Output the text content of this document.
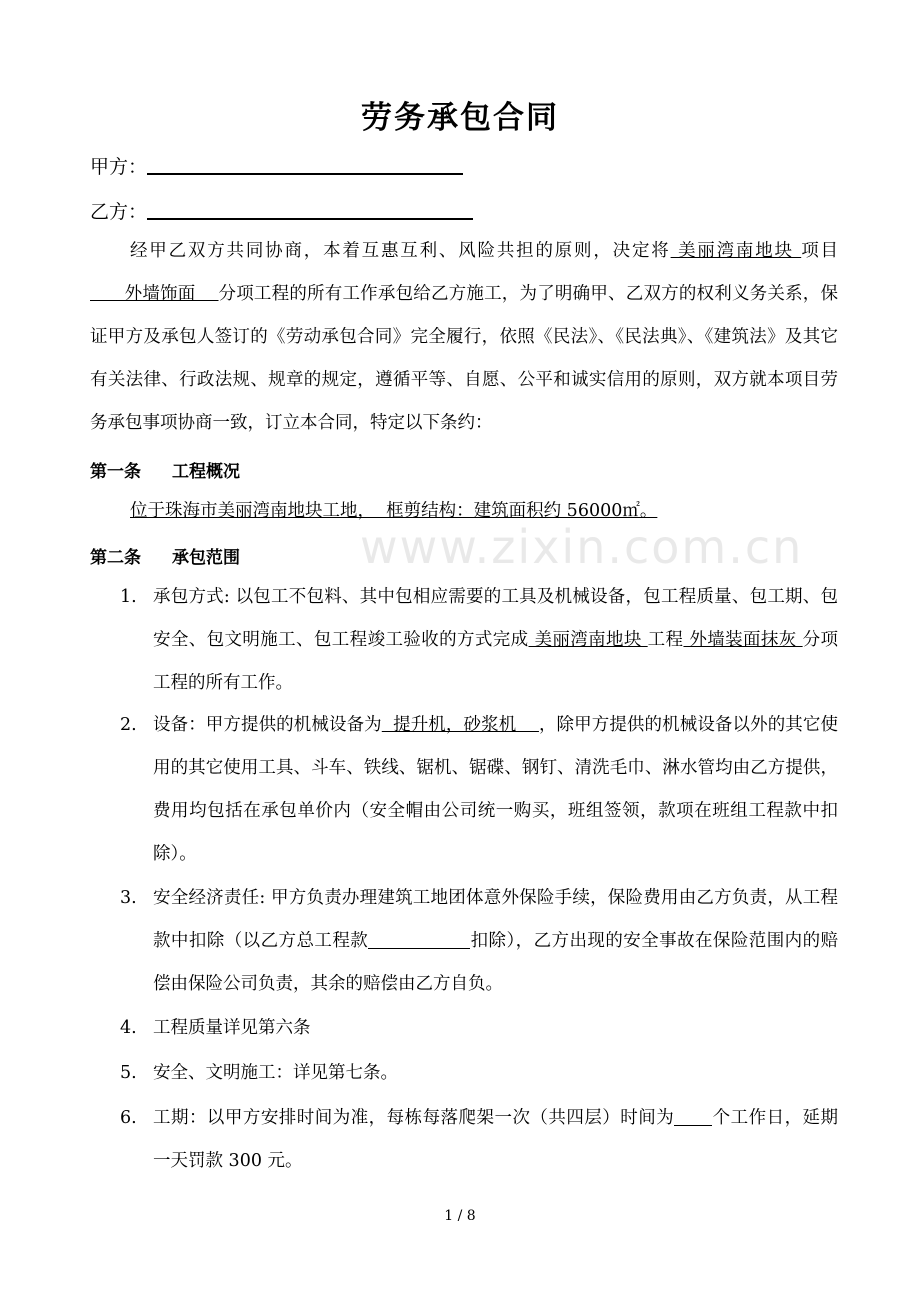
劳务承包合同
甲方：
乙方：
经甲乙双方共同协商，本着互惠互利、风险共担的原则，决定将 美丽湾南地块 项目      外墙饰面    分项工程的所有工作承包给乙方施工，为了明确甲、乙双方的权利义务关系，保证甲方及承包人签订的《劳动承包合同》完全履行，依照《民法》、《民法典》、《建筑法》及其它有关法律、行政法规、规章的规定，遵循平等、自愿、公平和诚实信用的原则，双方就本项目劳务承包事项协商一致，订立本合同，特定以下条约：
第一条 工程概况
位于珠海市美丽湾南地块工地，  框剪结构：建筑面积约 56000㎡。
第二条 承包范围
1. 承包方式: 以包工不包料、其中包相应需要的工具及机械设备，包工程质量、包工期、包安全、包文明施工、包工程竣工验收的方式完成 美丽湾南地块 工程 外墙装面抹灰 分项工程的所有工作。
2. 设备：甲方提供的机械设备为  提升机，砂浆机    ，除甲方提供的机械设备以外的其它使用的其它使用工具、斗车、铁线、锯机、锯碟、钢钉、清洗毛巾、淋水管均由乙方提供，费用均包括在承包单价内（安全帽由公司统一购买，班组签领，款项在班组工程款中扣除）。
3. 安全经济责任: 甲方负责办理建筑工地团体意外保险手续，保险费用由乙方负责，从工程款中扣除（以乙方总工程款	扣除），乙方出现的安全事故在保险范围内的赔偿由保险公司负责，其余的赔偿由乙方自负。
4. 工程质量详见第六条
5. 安全、文明施工：详见第七条。
6. 工期：以甲方安排时间为准，每栋每落爬架一次（共四层）时间为 个工作日，延期一天罚款 300 元。
www.zixin.com.cn
1 / 8
